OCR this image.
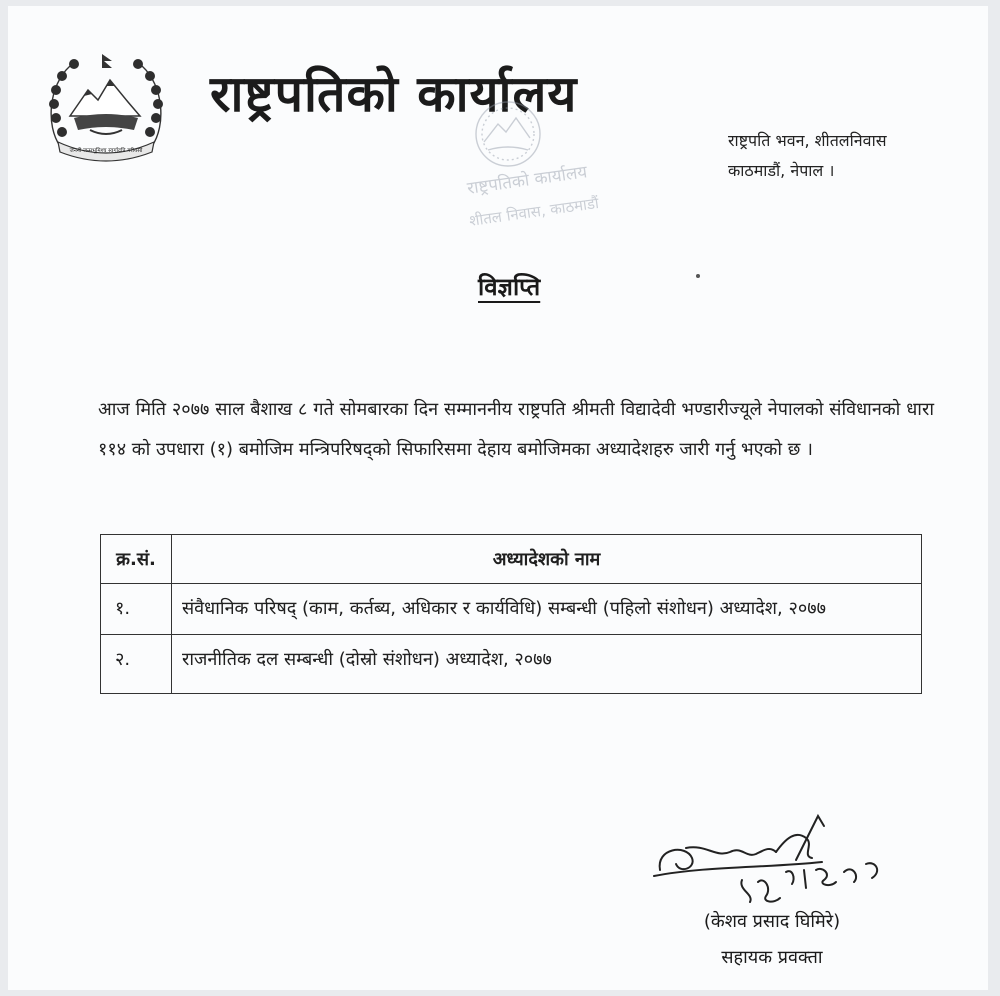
जननी जन्मभूमिश्च स्वर्गादपि गरीयसी
राष्ट्रपतिको कार्यालय
राष्ट्रपतिको कार्यालय
शीतल निवास, काठमाडौं
राष्ट्रपति भवन, शीतलनिवास
काठमाडौं, नेपाल ।
विज्ञप्ति
आज मिति २०७७ साल बैशाख ८ गते सोमबारका दिन सम्माननीय राष्ट्रपति श्रीमती विद्यादेवी भण्डारीज्यूले नेपालको संविधानको धारा ११४ को उपधारा (१) बमोजिम मन्त्रिपरिषद्को सिफारिसमा देहाय बमोजिमका अध्यादेशहरु जारी गर्नु भएको छ ।
क्र.सं.	अध्यादेशको नाम
१.	संवैधानिक परिषद् (काम, कर्तब्य, अधिकार र कार्यविधि) सम्बन्धी (पहिलो संशोधन) अध्यादेश, २०७७
२.	राजनीतिक दल सम्बन्धी (दोस्रो संशोधन) अध्यादेश, २०७७
२०७७।१।८
(केशव प्रसाद घिमिरे)
सहायक प्रवक्ता
